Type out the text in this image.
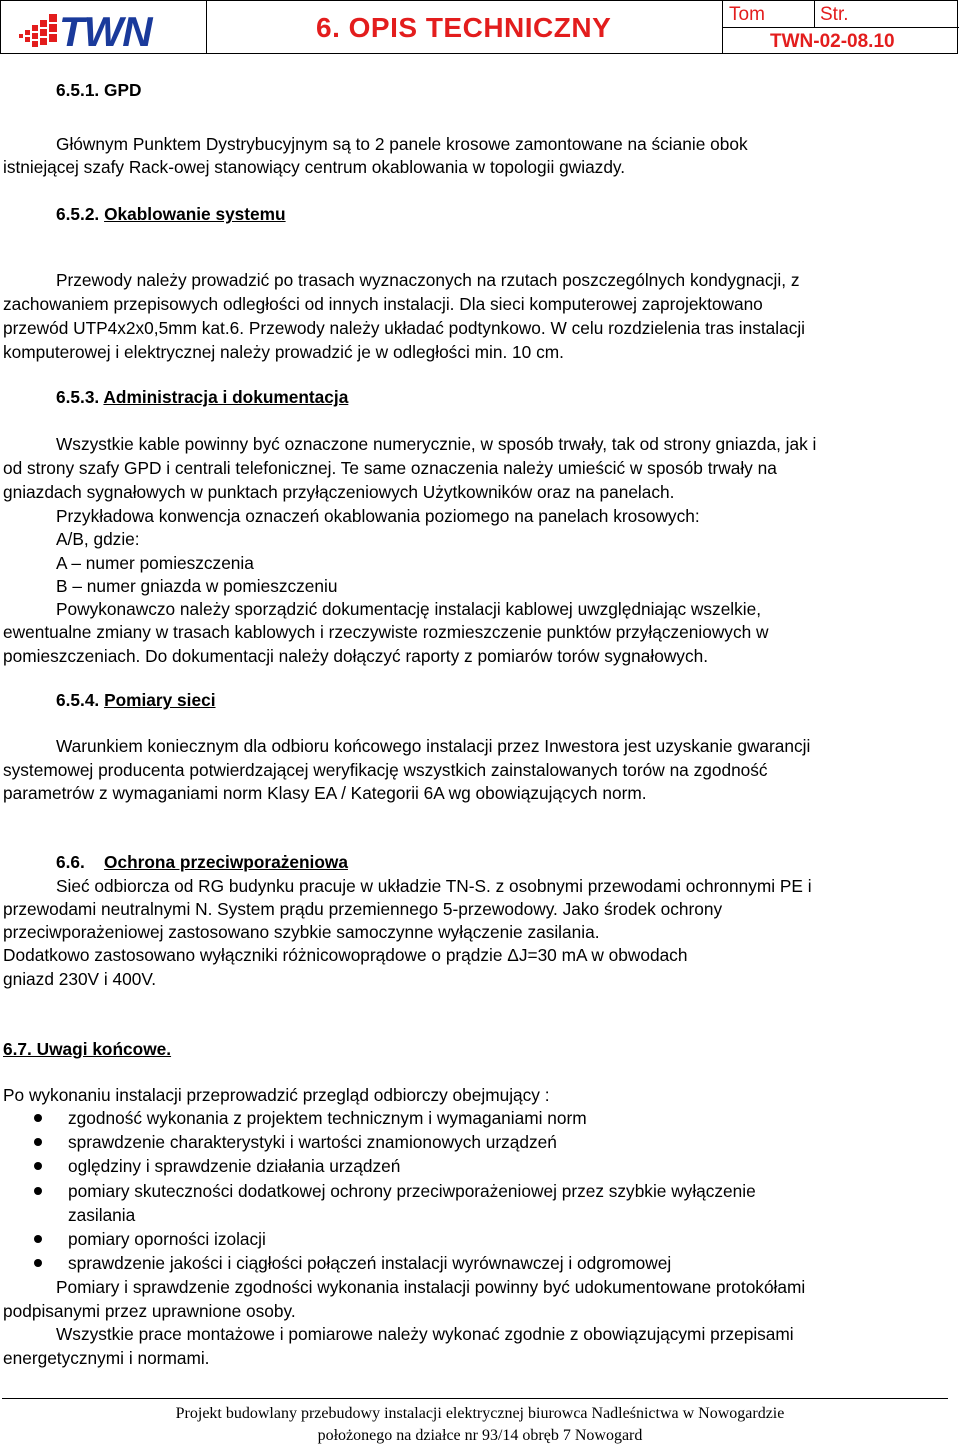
TWN	6. OPIS TECHNICZNY	Tom	Str.
TWN-02-08.10
6.5.1. GPD
Głównym Punktem Dystrybucyjnym są to 2 panele krosowe zamontowane na ścianie obok
istniejącej szafy Rack-owej stanowiący centrum okablowania w topologii gwiazdy.
6.5.2. Okablowanie systemu
Przewody należy prowadzić po trasach wyznaczonych na rzutach poszczególnych kondygnacji, z
zachowaniem przepisowych odległości od innych instalacji. Dla sieci komputerowej zaprojektowano
przewód UTP4x2x0,5mm kat.6. Przewody należy układać podtynkowo. W celu rozdzielenia tras instalacji
komputerowej i elektrycznej należy prowadzić je w odległości min. 10 cm.
6.5.3. Administracja i dokumentacja
Wszystkie kable powinny być oznaczone numerycznie, w sposób trwały, tak od strony gniazda, jak i
od strony szafy GPD i centrali telefonicznej. Te same oznaczenia należy umieścić w sposób trwały na
gniazdach sygnałowych w punktach przyłączeniowych Użytkowników oraz na panelach.
Przykładowa konwencja oznaczeń okablowania poziomego na panelach krosowych:
A/B, gdzie:
A – numer pomieszczenia
B – numer gniazda w pomieszczeniu
Powykonawczo należy sporządzić dokumentację instalacji kablowej uwzględniając wszelkie,
ewentualne zmiany w trasach kablowych i rzeczywiste rozmieszczenie punktów przyłączeniowych w
pomieszczeniach. Do dokumentacji należy dołączyć raporty z pomiarów torów sygnałowych.
6.5.4. Pomiary sieci
Warunkiem koniecznym dla odbioru końcowego instalacji przez Inwestora jest uzyskanie gwarancji
systemowej producenta potwierdzającej weryfikację wszystkich zainstalowanych torów na zgodność
parametrów z wymaganiami norm Klasy EA / Kategorii 6A wg obowiązujących norm.
6.6. Ochrona przeciwporażeniowa
Sieć odbiorcza od RG budynku pracuje w układzie TN-S. z osobnymi przewodami ochronnymi PE i
przewodami neutralnymi N. System prądu przemiennego 5-przewodowy. Jako środek ochrony
przeciwporażeniowej zastosowano szybkie samoczynne wyłączenie zasilania.
Dodatkowo zastosowano wyłączniki różnicowoprądowe o prądzie ΔJ=30 mA w obwodach
gniazd 230V i 400V.
6.7. Uwagi końcowe.
Po wykonaniu instalacji przeprowadzić przegląd odbiorczy obejmujący :
zgodność wykonania z projektem technicznym i wymaganiami norm
sprawdzenie charakterystyki i wartości znamionowych urządzeń
oględziny i sprawdzenie działania urządzeń
pomiary skuteczności dodatkowej ochrony przeciwporażeniowej przez szybkie wyłączenie
zasilania
pomiary oporności izolacji
sprawdzenie jakości i ciągłości połączeń instalacji wyrównawczej i odgromowej
Pomiary i sprawdzenie zgodności wykonania instalacji powinny być udokumentowane protokółami
podpisanymi przez uprawnione osoby.
Wszystkie prace montażowe i pomiarowe należy wykonać zgodnie z obowiązującymi przepisami
energetycznymi i normami.
Projekt budowlany przebudowy instalacji elektrycznej biurowca Nadleśnictwa w Nowogardzie
położonego na działce nr 93/14 obręb 7 Nowogard
